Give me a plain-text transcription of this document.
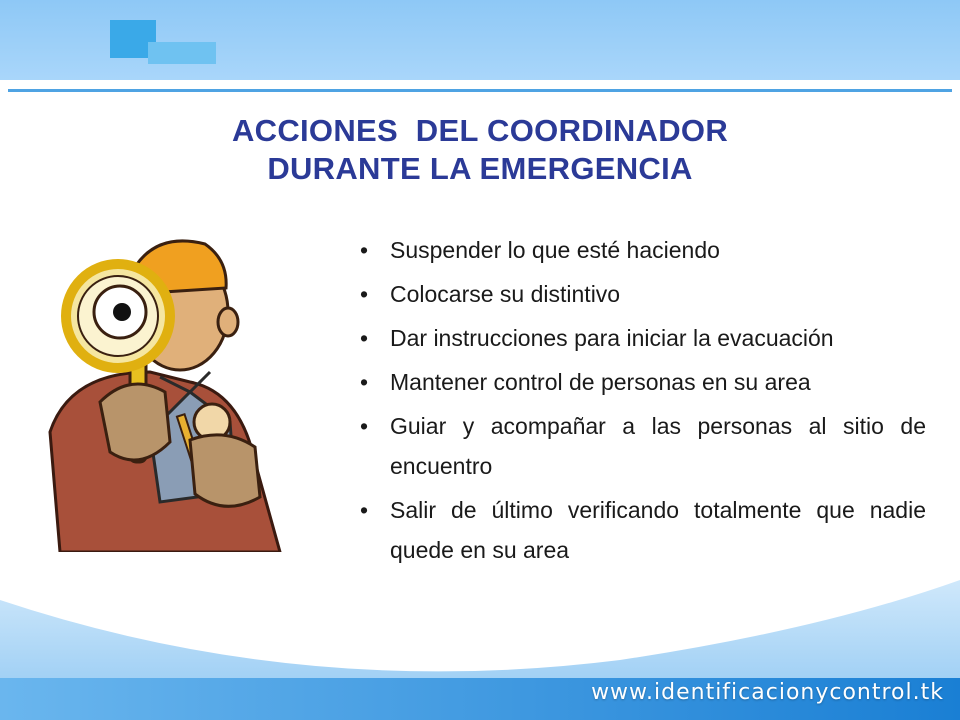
ACCIONES  DEL COORDINADOR
DURANTE LA EMERGENCIA
• Suspender lo que esté haciendo
• Colocarse su distintivo
• Dar instrucciones para iniciar la evacuación
• Mantener control de personas en su area
• Guiar y acompañar a las personas al sitio de encuentro
• Salir de último verificando totalmente que nadie quede en su area
www.identificacionycontrol.tk
